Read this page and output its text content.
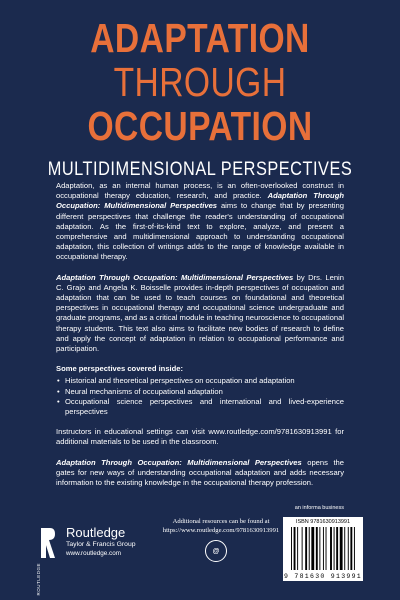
ADAPTATION
THROUGH
OCCUPATION
MULTIDIMENSIONAL PERSPECTIVES

Adaptation, as an internal human process, is an often-overlooked construct in occupational therapy education, research, and practice. Adaptation Through Occupation: Multidimensional Perspectives aims to change that by presenting different perspectives that challenge the reader's understanding of occupational adaptation. As the first-of-its-kind text to explore, analyze, and present a comprehensive and multidimensional approach to understanding occupational adaptation, this collection of writings adds to the range of knowledge available in occupational therapy.

Adaptation Through Occupation: Multidimensional Perspectives by Drs. Lenin C. Grajo and Angela K. Boisselle provides in-depth perspectives of occupation and adaptation that can be used to teach courses on foundational and theoretical perspectives in occupational therapy and occupational science undergraduate and graduate programs, and as a critical module in teaching neuroscience to occupational therapy students. This text also aims to facilitate new bodies of research to define and apply the concept of adaptation in relation to occupational performance and participation.

Some perspectives covered inside:
• Historical and theoretical perspectives on occupation and adaptation
• Neural mechanisms of occupational adaptation
• Occupational science perspectives and international and lived-experience perspectives

Instructors in educational settings can visit www.routledge.com/9781630913991 for additional materials to be used in the classroom.

Adaptation Through Occupation: Multidimensional Perspectives opens the gates for new ways of understanding occupational adaptation and adds necessary information to the existing knowledge in the occupational therapy profession.

an informa business
ROUTLEDGE
Routledge
Taylor & Francis Group
www.routledge.com
Additional resources can be found at
https://www.routledge.com/9781630913991
@
ISBN 978163091399​1
9 781630 913991
